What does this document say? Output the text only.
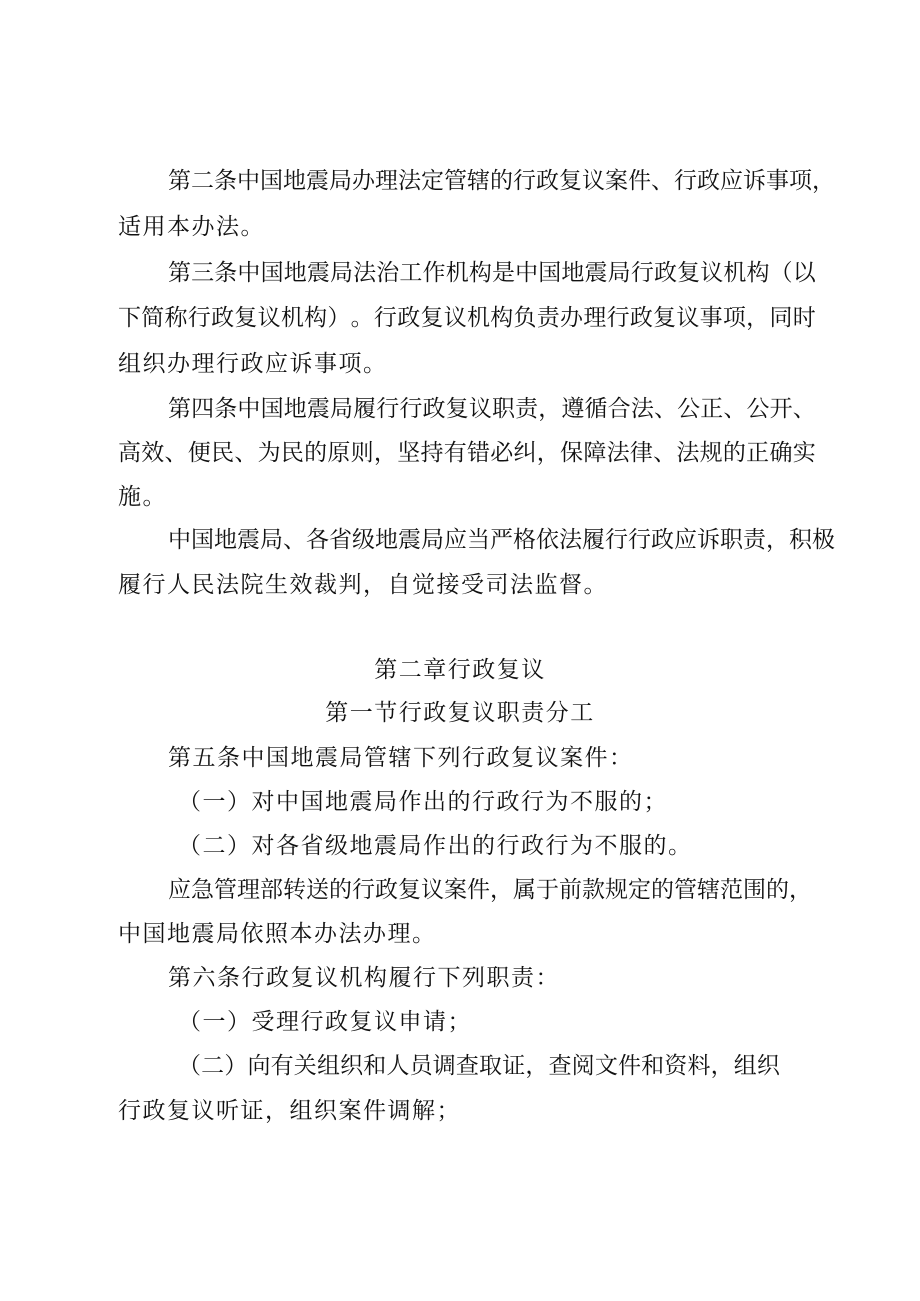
第 二 条 中 国 地 震 局 办 理 法 定 管 辖 的 行 政 复 议 案 件 、 行 政 应 诉 事 项 ，
适用本办法。
第 三 条 中 国 地 震 局 法 治 工 作 机 构 是 中 国 地 震 局 行 政 复 议 机 构 （ 以
下 简 称 行 政 复 议 机 构 ） 。 行 政 复 议 机 构 负 责 办 理 行 政 复 议 事 项 ， 同 时
组织办理行政应诉事项。
第 四 条 中 国 地 震 局 履 行 行 政 复 议 职 责 ， 遵 循 合 法 、 公 正 、 公 开 、
高 效 、 便 民 、 为 民 的 原 则 ， 坚 持 有 错 必 纠 ， 保 障 法 律 、 法 规 的 正 确 实
施。
中 国 地 震 局 、 各 省 级 地 震 局 应 当 严 格 依 法 履 行 行 政 应 诉 职 责 ， 积 极
履行人民法院生效裁判，自觉接受司法监督。
第二章行政复议
第一节行政复议职责分工
第五条中国地震局管辖下列行政复议案件：
（一）对中国地震局作出的行政行为不服的；
（二）对各省级地震局作出的行政行为不服的。
应 急 管 理 部 转 送 的 行 政 复 议 案 件 ， 属 于 前 款 规 定 的 管 辖 范 围 的 ，
中国地震局依照本办法办理。
第六条行政复议机构履行下列职责：
（一）受理行政复议申请；
（ 二 ） 向 有 关 组 织 和 人 员 调 查 取 证 ， 查 阅 文 件 和 资 料 ， 组 织
行政复议听证，组织案件调解；
